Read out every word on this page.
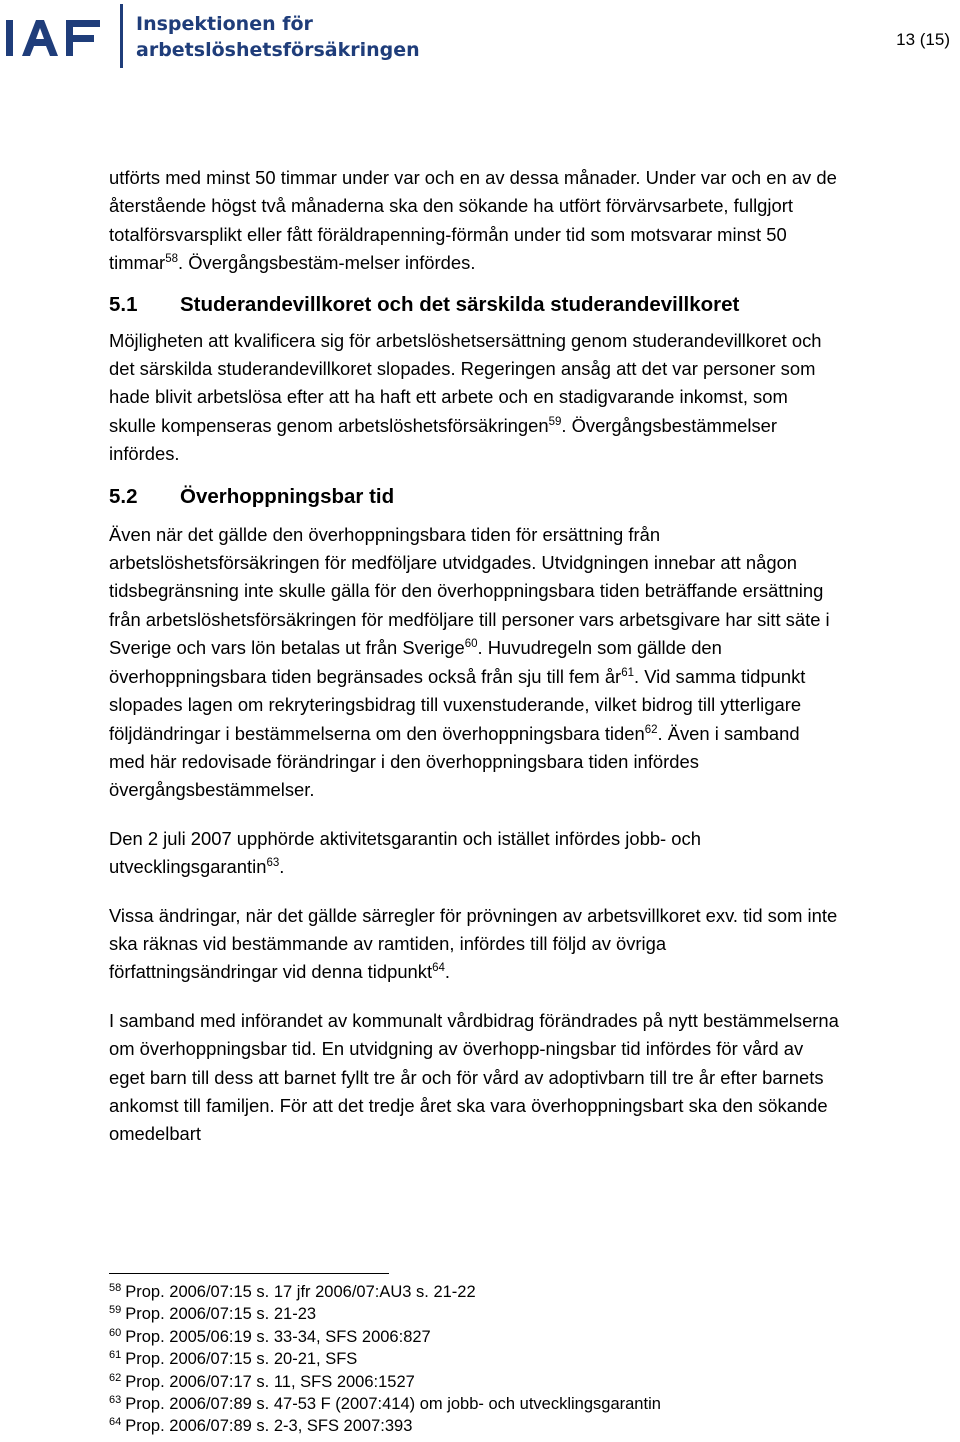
Inspektionen för
arbetslöshetsförsäkringen	13 (15)

utförts med minst 50 timmar under var och en av dessa månader. Under var och en av de återstående högst två månaderna ska den sökande ha utfört förvärvsarbete, fullgjort totalförsvarsplikt eller fått föräldrapenning-förmån under tid som motsvarar minst 50 timmar$^{58}$. Övergångsbestäm-melser infördes.

5.1	Studerandevillkoret och det särskilda studerandevillkoret

Möjligheten att kvalificera sig för arbetslöshetsersättning genom studerandevillkoret och det särskilda studerandevillkoret slopades. Regeringen ansåg att det var personer som hade blivit arbetslösa efter att ha haft ett arbete och en stadigvarande inkomst, som skulle kompenseras genom arbetslöshetsförsäkringen$^{59}$. Övergångsbestämmelser infördes.

5.2	Överhoppningsbar tid

Även när det gällde den överhoppningsbara tiden för ersättning från arbetslöshetsförsäkringen för medföljare utvidgades. Utvidgningen innebar att någon tidsbegränsning inte skulle gälla för den överhoppningsbara tiden beträffande ersättning från arbetslöshetsförsäkringen för medföljare till personer vars arbetsgivare har sitt säte i Sverige och vars lön betalas ut från Sverige$^{60}$. Huvudregeln som gällde den överhoppningsbara tiden begränsades också från sju till fem $år^{61}$. Vid samma tidpunkt slopades lagen om rekryteringsbidrag till vuxenstuderande, vilket bidrog till ytterligare följdändringar i bestämmelserna om den överhoppningsbara tiden$^{62}$. Även i samband med här redovisade förändringar i den överhoppningsbara tiden infördes övergångsbestämmelser.

Den 2 juli 2007 upphörde aktivitetsgarantin och istället infördes jobb- och utvecklingsgarantin$^{63}$.

Vissa ändringar, när det gällde särregler för prövningen av arbetsvillkoret exv. tid som inte ska räknas vid bestämmande av ramtiden, infördes till följd av övriga författningsändringar vid denna tidpunkt$^{64}$.

I samband med införandet av kommunalt vårdbidrag förändrades på nytt bestämmelserna om överhoppningsbar tid. En utvidgning av överhopp-ningsbar tid infördes för vård av eget barn till dess att barnet fyllt tre år och för vård av adoptivbarn till tre år efter barnets ankomst till familjen. För att det tredje året ska vara överhoppningsbart ska den sökande omedelbart

$^{58}$ Prop. 2006/07:15 s. 17 jfr 2006/07:AU3 s. 21-22
$^{59}$ Prop. 2006/07:15 s. 21-23
$^{60}$ Prop. 2005/06:19 s. 33-34, SFS 2006:827
$^{61}$ Prop. 2006/07:15 s. 20-21, SFS
$^{62}$ Prop. 2006/07:17 s. 11, SFS 2006:1527
$^{63}$ Prop. 2006/07:89 s. 47-53 F (2007:414) om jobb- och utvecklingsgarantin
$^{64}$ Prop. 2006/07:89 s. 2-3, SFS 2007:393
